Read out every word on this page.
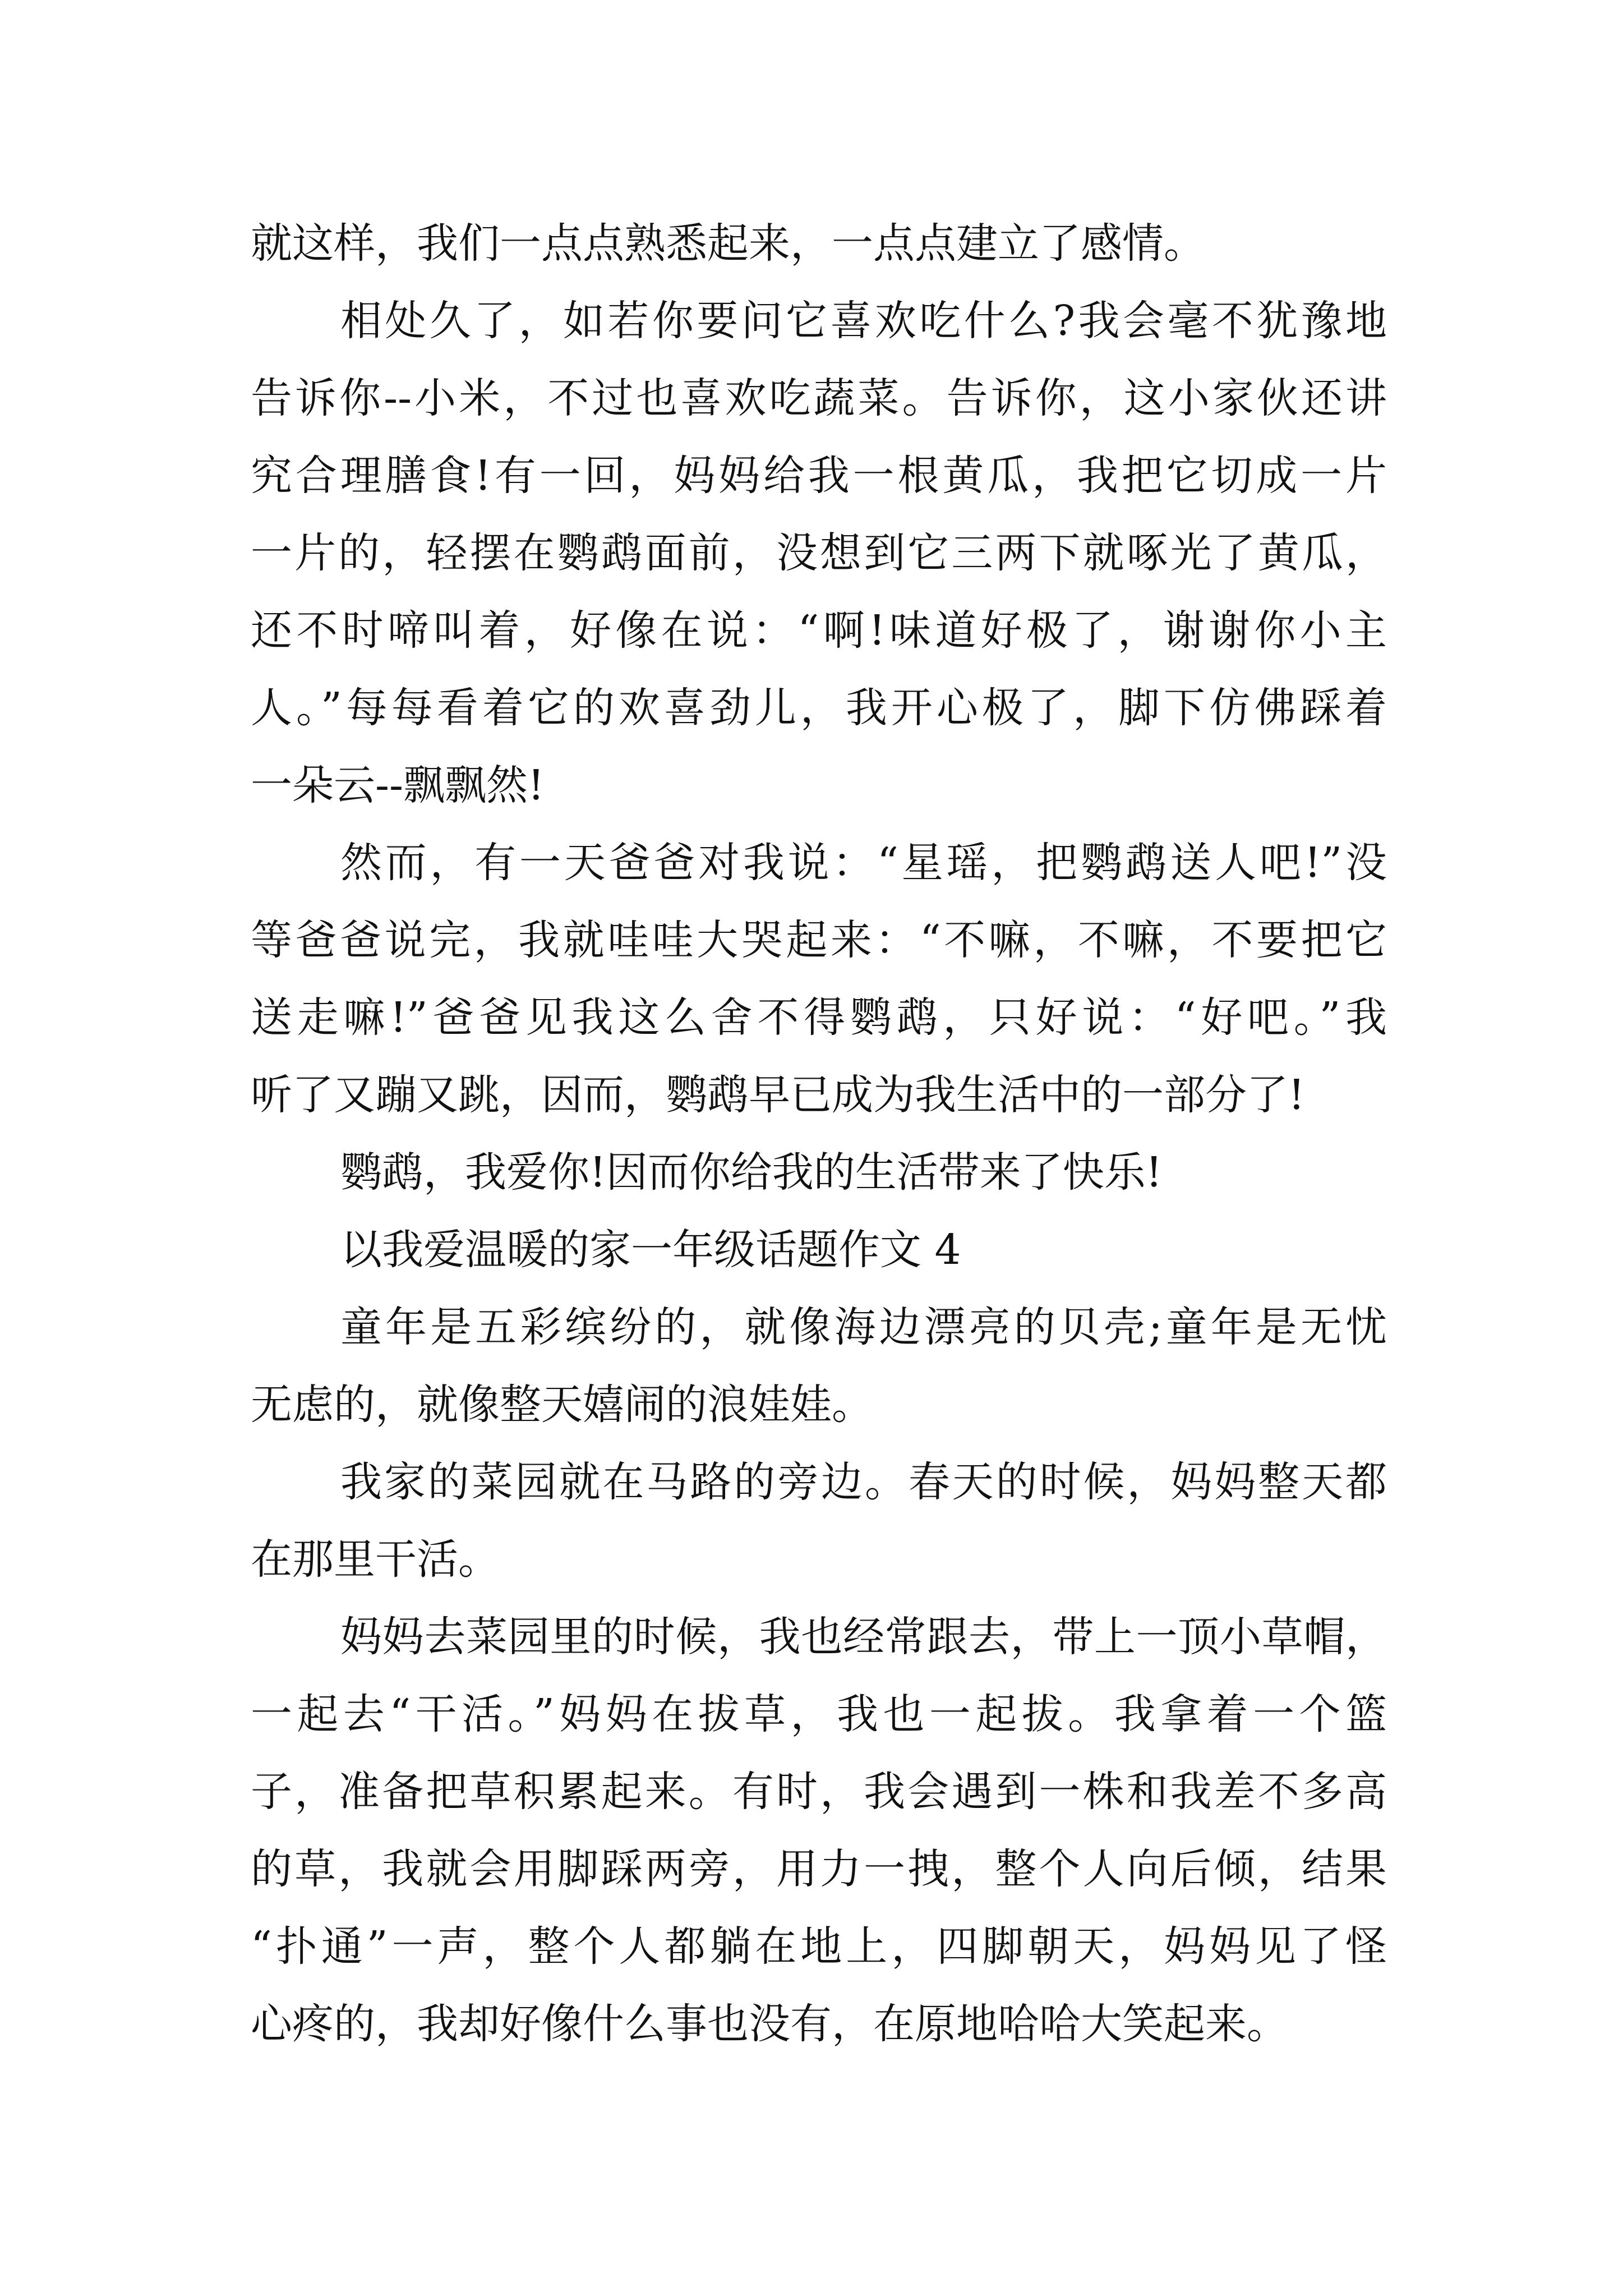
就这样，我们一点点熟悉起来，一点点建立了感情。
相处久了，如若你要问它喜欢吃什么?我会毫不犹豫地
告诉你--小米，不过也喜欢吃蔬菜。告诉你，这小家伙还讲
究合理膳食!有一回，妈妈给我一根黄瓜，我把它切成一片
一片的，轻摆在鹦鹉面前，没想到它三两下就啄光了黄瓜，
还不时啼叫着，好像在说：“啊!味道好极了，谢谢你小主
人。”每每看着它的欢喜劲儿，我开心极了，脚下仿佛踩着
一朵云--飘飘然!
然而，有一天爸爸对我说：“星瑶，把鹦鹉送人吧!”没
等爸爸说完，我就哇哇大哭起来：“不嘛，不嘛，不要把它
送走嘛!”爸爸见我这么舍不得鹦鹉，只好说：“好吧。”我
听了又蹦又跳，因而，鹦鹉早已成为我生活中的一部分了!
鹦鹉，我爱你!因而你给我的生活带来了快乐!
以我爱温暖的家一年级话题作文 4
童年是五彩缤纷的，就像海边漂亮的贝壳;童年是无忧
无虑的，就像整天嬉闹的浪娃娃。
我家的菜园就在马路的旁边。春天的时候，妈妈整天都
在那里干活。
妈妈去菜园里的时候，我也经常跟去，带上一顶小草帽，
一起去“干活。”妈妈在拔草，我也一起拔。我拿着一个篮
子，准备把草积累起来。有时，我会遇到一株和我差不多高
的草，我就会用脚踩两旁，用力一拽，整个人向后倾，结果
“扑通”一声，整个人都躺在地上，四脚朝天，妈妈见了怪
心疼的，我却好像什么事也没有，在原地哈哈大笑起来。
